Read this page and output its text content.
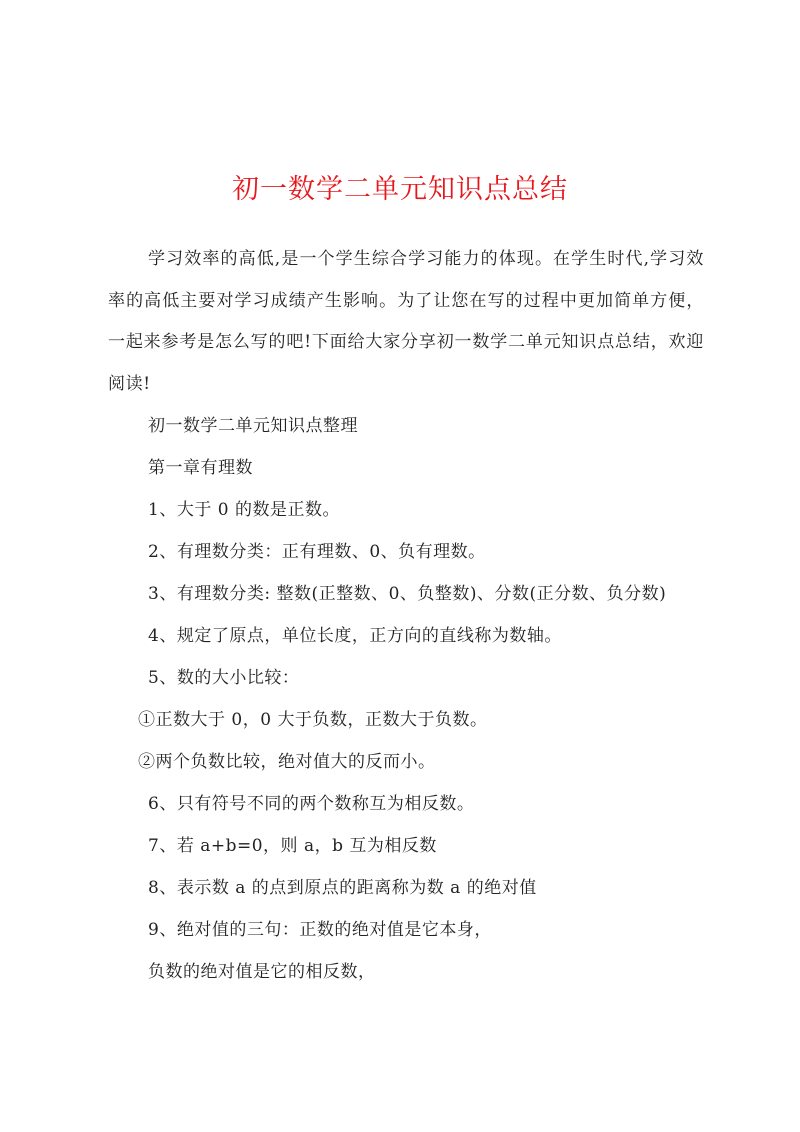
初一数学二单元知识点总结

学习效率的高低,是一个学生综合学习能力的体现。在学生时代,学习效率的高低主要对学习成绩产生影响。为了让您在写的过程中更加简单方便，一起来参考是怎么写的吧!下面给大家分享初一数学二单元知识点总结，欢迎阅读!

初一数学二单元知识点整理

第一章有理数

1、大于 0 的数是正数。

2、有理数分类：正有理数、0、负有理数。

3、有理数分类: 整数(正整数、0、负整数)、分数(正分数、负分数)

4、规定了原点，单位长度，正方向的直线称为数轴。

5、数的大小比较：

①正数大于 0，0 大于负数，正数大于负数。

②两个负数比较，绝对值大的反而小。

6、只有符号不同的两个数称互为相反数。

7、若 a+b=0，则 a，b 互为相反数

8、表示数 a 的点到原点的距离称为数 a 的绝对值

9、绝对值的三句：正数的绝对值是它本身，

负数的绝对值是它的相反数，
